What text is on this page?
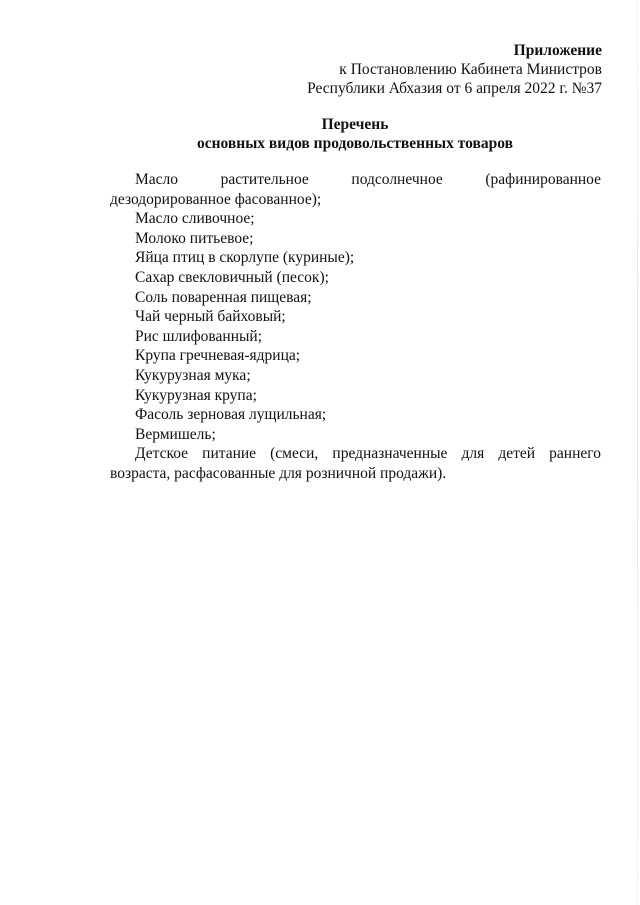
Приложение
к Постановлению Кабинета Министров
Республики Абхазия от 6 апреля 2022 г. №37
Перечень
основных видов продовольственных товаров

Масло растительное подсолнечное (рафинированное дезодорированное фасованное);

Масло сливочное;

Молоко питьевое;

Яйца птиц в скорлупе (куриные);

Сахар свекловичный (песок);

Соль поваренная пищевая;

Чай черный байховый;

Рис шлифованный;

Крупа гречневая-ядрица;

Кукурузная мука;

Кукурузная крупа;

Фасоль зерновая лущильная;

Вермишель;

Детское питание (смеси, предназначенные для детей раннего возраста, расфасованные для розничной продажи).
